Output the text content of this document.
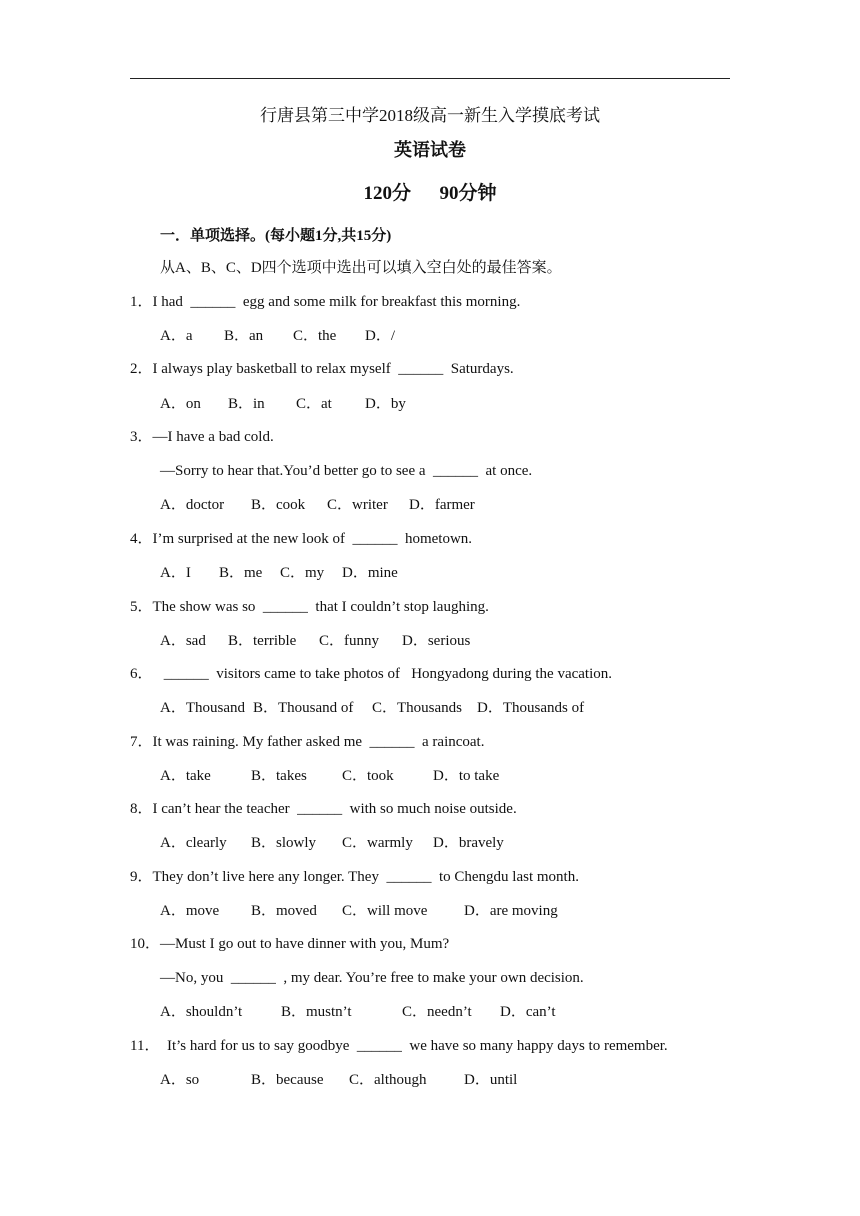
行唐县第三中学2018级高一新生入学摸底考试
英语试卷
120分      90分钟
一．单项选择。(每小题1分,共15分)
从A、B、C、D四个选项中选出可以填入空白处的最佳答案。
1．I had  ______  egg and some milk for breakfast this morning.

A．a

B．an

C．the

D．/

2．I always play basketball to relax myself  ______  Saturdays.

A．on

B．in

C．at

D．by

3．—I have a bad cold.
—Sorry to hear that.You’d better go to see a  ______  at once.

A．doctor

B．cook

C．writer

D．farmer

4．I’m surprised at the new look of  ______  hometown.

A．I

B．me

C．my

D．mine

5．The show was so  ______  that I couldn’t stop laughing.

A．sad

B．terrible

C．funny

D．serious

6．   ______  visitors came to take photos of   Hongyadong during the vacation.

A．Thousand

B．Thousand of

C．Thousands

D．Thousands of

7．It was raining. My father asked me  ______  a raincoat.

A．take

	B．takes

C．took

	D．to take

8．I can’t hear the teacher  ______  with so much noise outside.

A．clearly

B．slowly

C．warmly

D．bravely

9．They don’t live here any longer. They  ______  to Chengdu last month.

A．move

B．moved

C．will move

D．are moving

10．—Must I go out to have dinner with you, Mum?
—No, you  ______  , my dear. You’re free to make your own decision.

A．shouldn’t

	B．mustn’t

	C．needn’t

D．can’t

11．  It’s hard for us to say goodbye  ______  we have so many happy days to remember.

A．so

	B．because

C．although

	D．until
